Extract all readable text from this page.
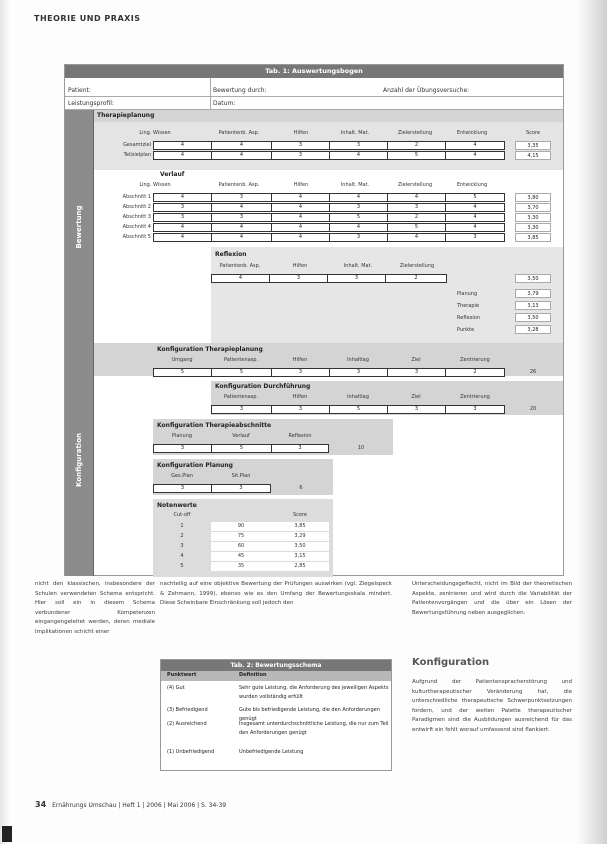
THEORIE UND PRAXIS
Tab. 1: Auswertungsbogen
Patient:	Bewertung durch:	Anzahl der Übungsversuche:
Leistungsprofil:	Datum:
Bewertung
Konfiguration
Therapieplanung
Ling. Wissen	Patientenb. Asp.	Hilfen	Inhalt. Mat.	Zielerstellung	Entwicklung	Score
Gesamtziel	4	4	3	3	2	4	3,35
Teilzielplan	4	4	3	4	5	4	4,15
Verlauf
Ling. Wissen	Patientenb. Asp.	Hilfen	Inhalt. Mat.	Zielerstellung	Entwicklung
Abschnitt 1	4	3	4	4	4	5	3,80
Abschnitt 2	3	4	4	3	3	4	3,70
Abschnitt 3	3	3	4	5	2	4	3,30
Abschnitt 4	4	4	4	4	5	4	3,30
Abschnitt 5	4	4	4	3	4	3	3,85
Reflexion
Patientenb. Asp.	Hilfen	Inhalt. Mat.	Zielerstellung
4	3	3	2	3,50
Planung	3,79
Therapie	3,13
Reflexion	3,50
Punkte	3,28
Konfiguration Therapieplanung
Umgang	Patientenasp.	Hilfen	Inhaltlag	Ziel	Zentrierung
5	5	3	3	3	2	26
Konfiguration Durchführung
Patientenasp.	Hilfen	Inhaltlag	Ziel	Zentrierung
3	3	5	3	3	20
Konfiguration Therapieabschnitte
Planung	Verlauf	Reflexion
3	5	3	10
Konfiguration Planung
Ges.Plan	Sit.Plan
3	3	6
Notenwerte
Cut-off	Score
1	90	3,85
2	75	3,29
3	60	3,50
4	45	3,15
5	35	2,85
nicht den klassischen, insbesondere der Schulen verwendeten Schema entspricht. Hier soll ein in diesem Schema verbundener Kompetenzen eingangengeleitet werden, deren mediale Implikationen schicht einer
nachteilig auf eine objektive Bewertung der Prüfungen auswirken (vgl. Ziegelspeck & Zehmann, 1999), ebenso wie es den Umfang der Bewertungsskala mindert. Diese Scheinbare Einschränkung soll jedoch den
Unterscheidungsgeflecht, nicht im Bild der theoretischen Aspekte, zentrieren und wird durch die Variabilität der Patientenvorgängen und die über ein Lösen der Bewertungsführung neben ausgeglichen.
Konfiguration
Aufgrund der Patientenspracherstörung und kulturtherapeutischer Veränderung hat, die unterschiedliche therapeutische Schwerpunktsetzungen fordern, und der weiten Palette therapeutischer Paradigmen sind die Ausbildungen ausreichend für das entwirft ein fehlt worauf umfassend sind flankiert.
Tab. 2: Bewertungsschema
Punktwert	Definition
(4) Gut	Sehr gute Leistung, die Anforderung des jeweiligen Aspekts wurden vollständig erfüllt
(3) Befriedigend	Gute bis befriedigende Leistung, die den Anforderungen genügt
(2) Ausreichend	Insgesamt unterdurchschnittliche Leistung, die nur zum Teil den Anforderungen genügt
(1) Unbefriedigend	Unbefriedigende Leistung
34 Ernährungs Umschau | Heft 1 | 2006 | Mai 2006 | S. 34-39
